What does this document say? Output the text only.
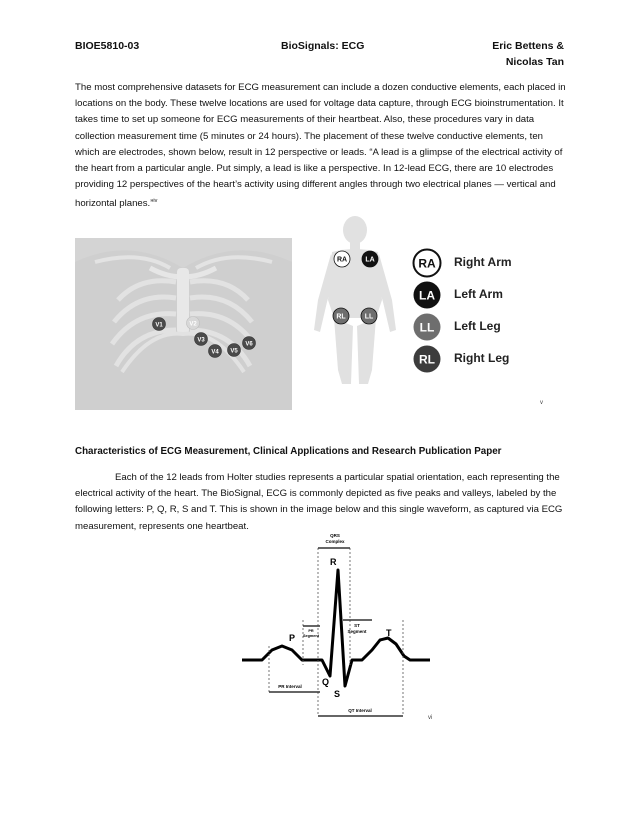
BIOE5810-03	BioSignals: ECG	Eric Bettens &
Nicolas Tan

The most comprehensive datasets for ECG measurement can include a dozen conductive elements, each placed in locations on the body. These twelve locations are used for voltage data capture, through ECG bioinstrumentation. It takes time to set up someone for ECG measurements of their heartbeat. Also, these procedures vary in data collection measurement time (5 minutes or 24 hours). The placement of these twelve conductive elements, ten which are electrodes, shown below, result in 12 perspective or leads. “A lead is a glimpse of the electrical activity of the heart from a particular angle. Put simply, a lead is like a perspective. In 12-lead ECG, there are 10 electrodes providing 12 perspectives of the heart’s activity using different angles through two electrical planes — vertical and horizontal planes.”$^{iv}$

RA
LA
LL
RL
V1	V2
V3
V4 V5
V6
RA	LA
RL	LL
Right Arm
Left Arm
Left Leg
Right Leg
v
Characteristics of ECG Measurement, Clinical Applications and Research Publication Paper

Each of the 12 leads from Holter studies represents a particular spatial orientation, each representing the electrical activity of the heart. The BioSignal, ECG is commonly depicted as five peaks and valleys, labeled by the following letters: P, Q, R, S and T. This is shown in the image below and this single waveform, as captured via ECG measurement, represents one heartbeat.

QRS
Complex
PR
Segment
ST
Segment
PR Interval
QT Interval
P
Q
R
S
T
vi
